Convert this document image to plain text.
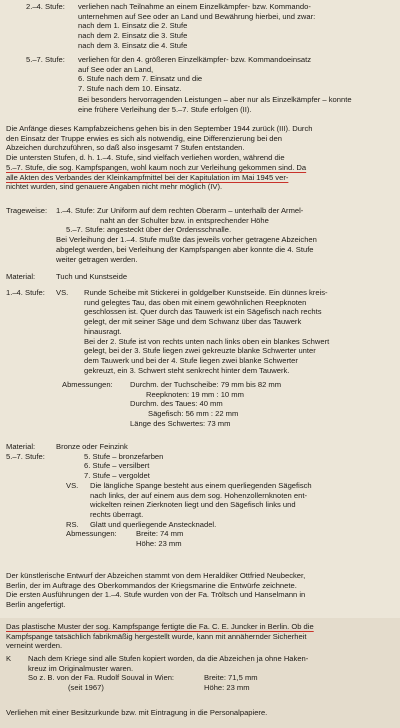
2.–4. Stufe:	verliehen nach Teilnahme an einem Einzelkämpfer- bzw. Kommando-
unternehmen auf See oder an Land und Bewährung hierbei, und zwar:
nach dem 1. Einsatz die 2. Stufe
nach dem 2. Einsatz die 3. Stufe
nach dem 3. Einsatz die 4. Stufe
5.–7. Stufe:	verliehen für den 4. größeren Einzelkämpfer- bzw. Kommandoeinsatz
auf See oder an Land,
6. Stufe nach dem 7. Einsatz und die
7. Stufe nach dem 10. Einsatz.
Bei besonders hervorragenden Leistungen – aber nur als Einzelkämpfer – konnte
eine frühere Verleihung der 5.–7. Stufe erfolgen (II).
Die Anfänge dieses Kampfabzeichens gehen bis in den September 1944 zurück (III). Durch
den Einsatz der Truppe erwies es sich als notwendig, eine Differenzierung bei den
Abzeichen durchzuführen, so daß also insgesamt 7 Stufen entstanden.
Die untersten Stufen, d. h. 1.–4. Stufe, sind vielfach verliehen worden, während die
5.–7. Stufe, die sog. Kampfspangen, wohl kaum noch zur Verleihung gekommen sind. Da
alle Akten des Verbandes der Kleinkampfmittel bei der Kapitulation im Mai 1945 ver-
nichtet wurden, sind genauere Angaben nicht mehr möglich (IV).
Trageweise:	1.–4. Stufe: Zur Uniform auf dem rechten Oberarm – unterhalb der Armel-
naht an der Schulter bzw. in entsprechender Höhe
5.–7. Stufe: angesteckt über der Ordensschnalle.
Bei Verleihung der 1.–4. Stufe mußte das jeweils vorher getragene Abzeichen
abgelegt werden, bei Verleihung der Kampfspangen aber konnte die 4. Stufe
weiter getragen werden.
Material:	Tuch und Kunstseide
1.–4. Stufe:	VS.	Runde Scheibe mit Stickerei in goldgelber Kunstseide. Ein dünnes kreis-
rund gelegtes Tau, das oben mit einem gewöhnlichen Reepknoten
geschlossen ist. Quer durch das Tauwerk ist ein Sägefisch nach rechts
gelegt, der mit seiner Säge und dem Schwanz über das Tauwerk
hinausragt.
Bei der 2. Stufe ist von rechts unten nach links oben ein blankes Schwert
gelegt, bei der 3. Stufe liegen zwei gekreuzte blanke Schwerter unter
dem Tauwerk und bei der 4. Stufe liegen zwei blanke Schwerter
gekreuzt, ein 3. Schwert steht senkrecht hinter dem Tauwerk.
Abmessungen:	Durchm. der Tuchscheibe: 79 mm bis 82 mm
Reepknoten: 19 mm : 10 mm
Durchm. des Taues: 40 mm
Sägefisch: 56 mm : 22 mm
Länge des Schwertes: 73 mm
Material:	Bronze oder Feinzink
5.–7. Stufe:	5. Stufe – bronzefarben
6. Stufe – versilbert
7. Stufe – vergoldet
VS.	Die längliche Spange besteht aus einem querliegenden Sägefisch
nach links, der auf einem aus dem sog. Hohenzollernknoten ent-
wickelten reinen Zierknoten liegt und den Sägefisch links und
rechts überragt.
RS.	Glatt und querliegende Anstecknadel.
Abmessungen:	Breite: 74 mm
Höhe: 23 mm
Der künstlerische Entwurf der Abzeichen stammt von dem Heraldiker Ottfried Neubecker,
Berlin, der im Auftrage des Oberkommandos der Kriegsmarine die Entwürfe zeichnete.
Die ersten Ausführungen der 1.–4. Stufe wurden von der Fa. Tröltsch und Hanselmann in
Berlin angefertigt.
Das plastische Muster der sog. Kampfspange fertigte die Fa. C. E. Juncker in Berlin. Ob die
Kampfspange tatsächlich fabrikmäßig hergestellt wurde, kann mit annähernder Sicherheit
verneint werden.
K	Nach dem Kriege sind alle Stufen kopiert worden, da die Abzeichen ja ohne Haken-
kreuz im Originalmuster waren.
So z. B. von der Fa. Rudolf Souval in Wien:	Breite: 71,5 mm
(seit 1967)	Höhe: 23 mm
Verliehen mit einer Besitzurkunde bzw. mit Eintragung in die Personalpapiere.
